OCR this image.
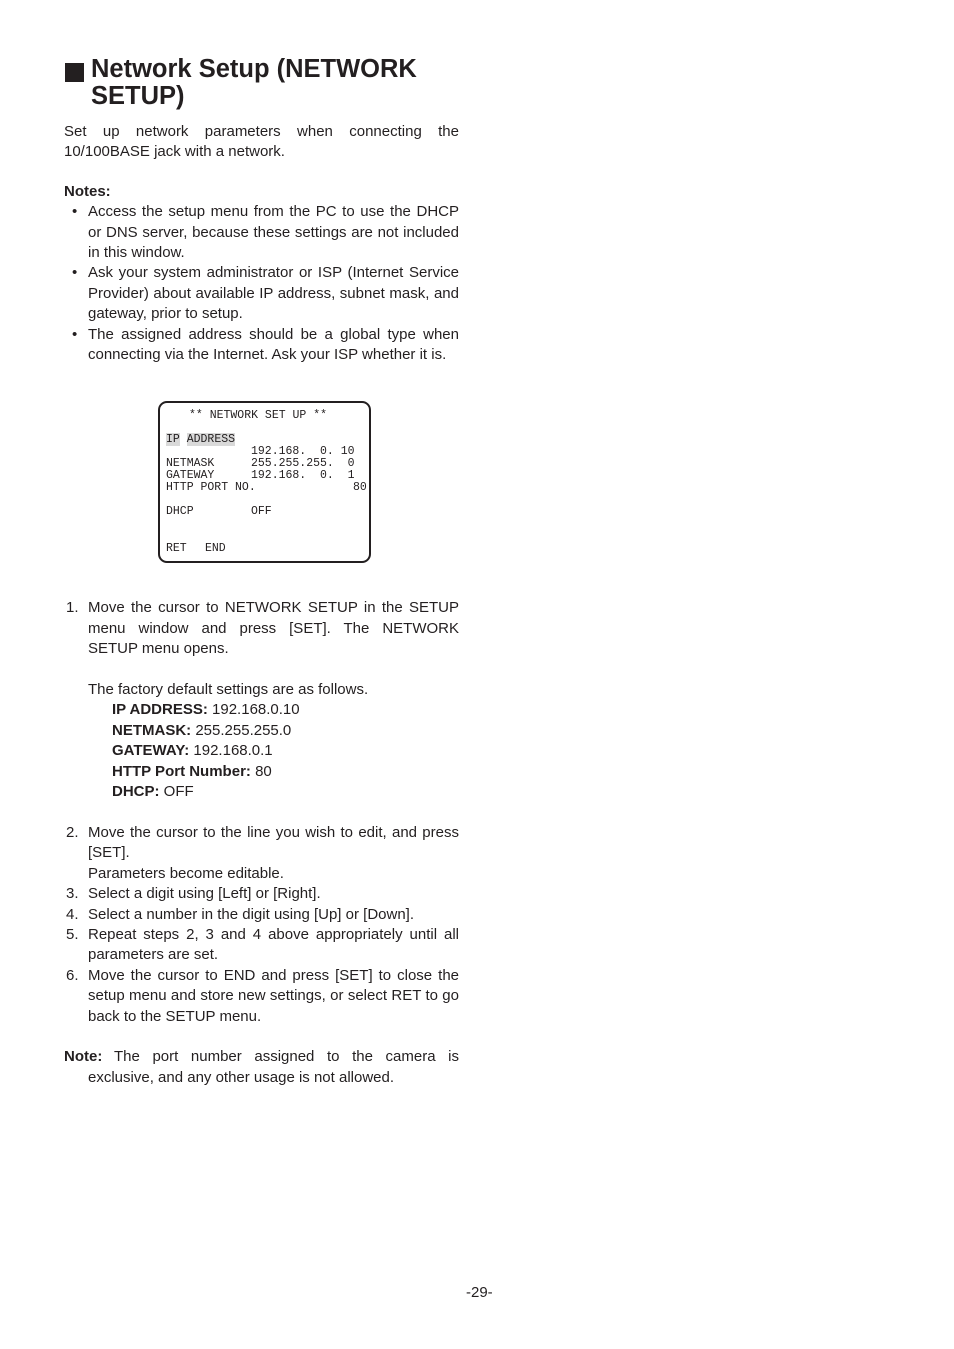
Network Setup (NETWORK SETUP)

Set up network parameters when connecting the 10/100BASE jack with a network.

Notes:
• Access the setup menu from the PC to use the DHCP or DNS server, because these settings are not included in this window.
• Ask your system administrator or ISP (Internet Service Provider) about available IP address, subnet mask, and gateway, prior to setup.
• The assigned address should be a global type when connecting via the Internet. Ask your ISP whether it is.
** NETWORK SET UP **
IP ADDRESS
192.168.  0. 10
NETMASK	255.255.255.  0
GATEWAY	192.168.  0.  1
HTTP PORT NO.	80
DHCP	OFF
RET END
1. Move the cursor to NETWORK SETUP in the SETUP menu window and press [SET]. The NETWORK SETUP menu opens.
The factory default settings are as follows.
IP ADDRESS: 192.168.0.10
NETMASK: 255.255.255.0
GATEWAY: 192.168.0.1
HTTP Port Number: 80
DHCP: OFF
2. Move the cursor to the line you wish to edit, and press [SET].
Parameters become editable.
3. Select a digit using [Left] or [Right].
4. Select a number in the digit using [Up] or [Down].
5. Repeat steps 2, 3 and 4 above appropriately until all parameters are set.
6. Move the cursor to END and press [SET] to close the setup menu and store new settings, or select RET to go back to the SETUP menu.
Note: The port number assigned to the camera is exclusive, and any other usage is not allowed.
-29-
